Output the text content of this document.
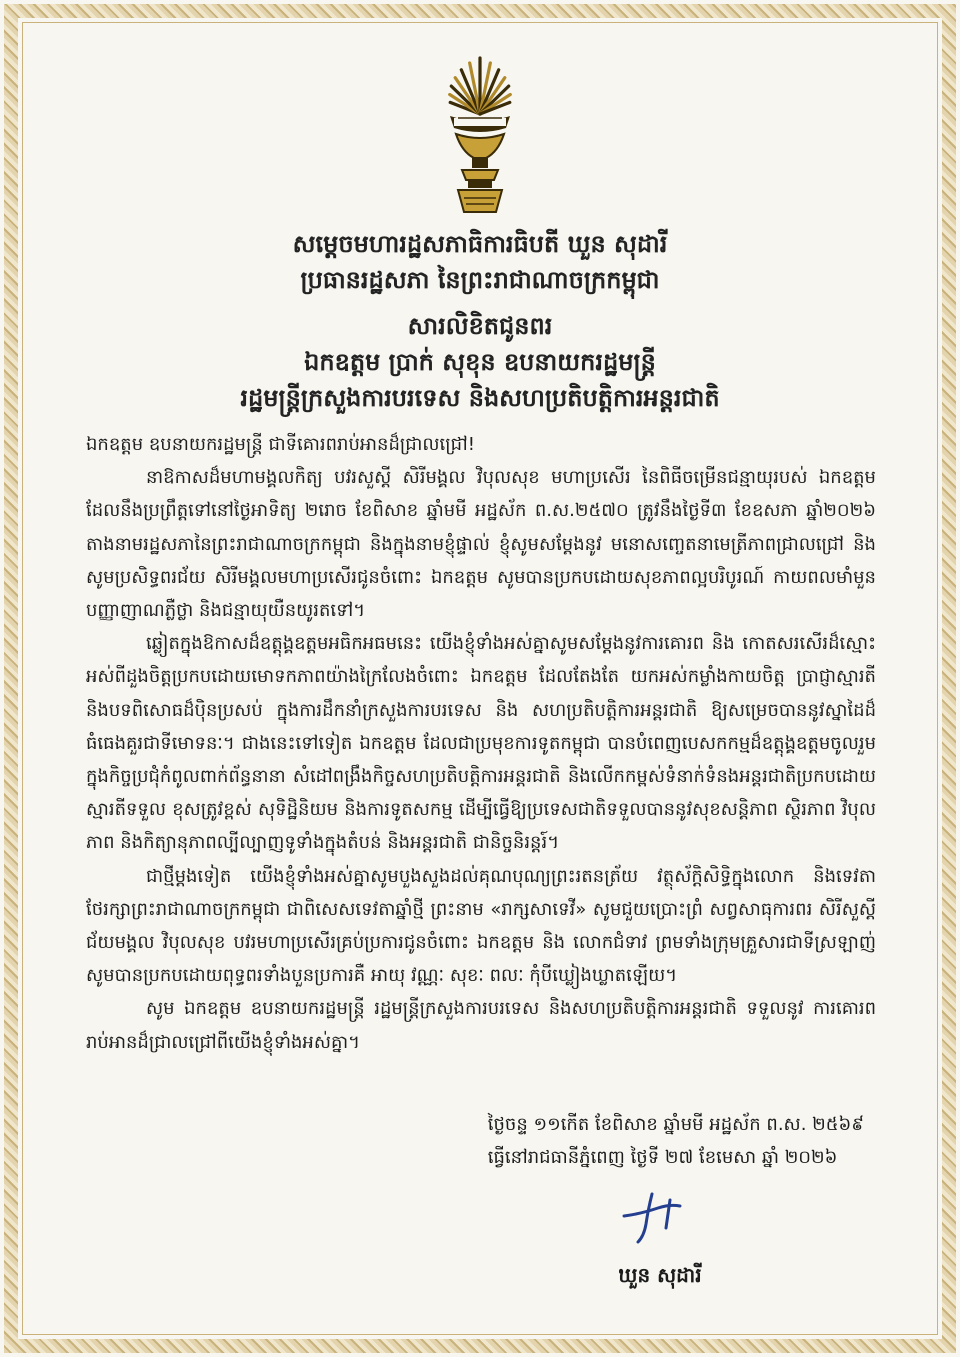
សម្ដេចមហារដ្ឋសភាធិការធិបតី ឃួន សុដារី
ប្រធានរដ្ឋសភា នៃព្រះរាជាណាចក្រកម្ពុជា
សារលិខិតជូនពរ
ឯកឧត្តម ប្រាក់ សុខុន ឧបនាយករដ្ឋមន្ត្រី
រដ្ឋមន្ត្រីក្រសួងការបរទេស និងសហប្រតិបត្តិការអន្តរជាតិ

ឯកឧត្តម ឧបនាយករដ្ឋមន្ត្រី ជាទីគោរពរាប់អានដ៏ជ្រាលជ្រៅ!

នាឱកាសដ៏មហាមង្គលកិត្យ បវរសួស្តី សិរីមង្គល វិបុលសុខ មហាប្រសើរ នៃពិធីចម្រើនជន្មាយុរបស់ ឯកឧត្តម ដែលនឹងប្រព្រឹត្តទៅនៅថ្ងៃអាទិត្យ ២រោច ខែពិសាខ ឆ្នាំមមី អដ្ឋស័ក ព.ស.២៥៧០ ត្រូវនឹងថ្ងៃទី៣ ខែឧសភា ឆ្នាំ២០២៦ តាងនាមរដ្ឋសភានៃព្រះរាជាណាចក្រកម្ពុជា និងក្នុងនាមខ្ញុំផ្ទាល់ ខ្ញុំសូមសម្តែងនូវ មនោសញ្ចេតនាមេត្រីភាពជ្រាលជ្រៅ និងសូមប្រសិទ្ធពរជ័យ សិរីមង្គលមហាប្រសើរជូនចំពោះ ឯកឧត្តម សូមបានប្រកបដោយសុខភាពល្អបរិបូរណ៍ កាយពលមាំមួន បញ្ញាញាណភ្លឺថ្លា និងជន្មាយុយឺនយូរតទៅ។

ឆ្លៀតក្នុងឱកាសដ៏ឧត្តុង្គឧត្តមអធិកអធមនេះ យើងខ្ញុំទាំងអស់គ្នាសូមសម្តែងនូវការគោរព និង កោតសរសើរដ៏ស្មោះអស់ពីដួងចិត្តប្រកបដោយមោទកភាពយ៉ាងក្រៃលែងចំពោះ ឯកឧត្តម ដែលតែងតែ យកអស់កម្លាំងកាយចិត្ត ប្រាជ្ញាស្មារតី និងបទពិសោធដ៏ប៉ិនប្រសប់ ក្នុងការដឹកនាំក្រសួងការបរទេស និង សហប្រតិបត្តិការអន្តរជាតិ ឱ្យសម្រេចបាននូវស្នាដៃដ៏ធំធេងគួរជាទីមោទនៈ។ ជាងនេះទៅទៀត ឯកឧត្តម ដែលជាប្រមុខការទូតកម្ពុជា បានបំពេញបេសកកម្មដ៏ឧត្តុង្គឧត្តមចូលរួមក្នុងកិច្ចប្រជុំកំពូលពាក់ព័ន្ធនានា សំដៅពង្រឹងកិច្ចសហប្រតិបត្តិការអន្តរជាតិ និងលើកកម្ពស់ទំនាក់ទំនងអន្តរជាតិប្រកបដោយស្មារតីទទួល ខុសត្រូវខ្ពស់ សុទិដ្ឋិនិយម និងការទូតសកម្ម ដើម្បីធ្វើឱ្យប្រទេសជាតិទទួលបាននូវសុខសន្តិភាព ស្ថិរភាព វិបុលភាព និងកិត្យានុភាពល្បីល្បាញទូទាំងក្នុងតំបន់ និងអន្តរជាតិ ជានិច្ចនិរន្តរ៍។

ជាថ្មីម្តងទៀត យើងខ្ញុំទាំងអស់គ្នាសូមបួងសួងដល់គុណបុណ្យព្រះរតនត្រ័យ វត្ថុស័ក្តិសិទ្ធិក្នុងលោក និងទេវតាថែរក្សាព្រះរាជាណាចក្រកម្ពុជា ជាពិសេសទេវតាឆ្នាំថ្មី ព្រះនាម «រាក្សសាទេវី» សូមជួយប្រោះព្រំ សព្វសាធុការពរ សិរីសួស្តី ជ័យមង្គល វិបុលសុខ បវរមហាប្រសើរគ្រប់ប្រការជូនចំពោះ ឯកឧត្តម និង លោកជំទាវ ព្រមទាំងក្រុមគ្រួសារជាទីស្រឡាញ់ សូមបានប្រកបដោយពុទ្ធពរទាំងបួនប្រការគឺ អាយុ វណ្ណៈ សុខៈ ពលៈ កុំបីឃ្លៀងឃ្លាតឡើយ។

សូម ឯកឧត្តម ឧបនាយករដ្ឋមន្ត្រី រដ្ឋមន្ត្រីក្រសួងការបរទេស និងសហប្រតិបត្តិការអន្តរជាតិ ទទួលនូវ ការគោរពរាប់អានដ៏ជ្រាលជ្រៅពីយើងខ្ញុំទាំងអស់គ្នា។

ថ្ងៃចន្ទ ១១កើត ខែពិសាខ ឆ្នាំមមី អដ្ឋស័ក ព.ស. ២៥៦៩
ធ្វើនៅរាជធានីភ្នំពេញ ថ្ងៃទី ២៧ ខែមេសា ឆ្នាំ ២០២៦
ឃួន សុដារី
